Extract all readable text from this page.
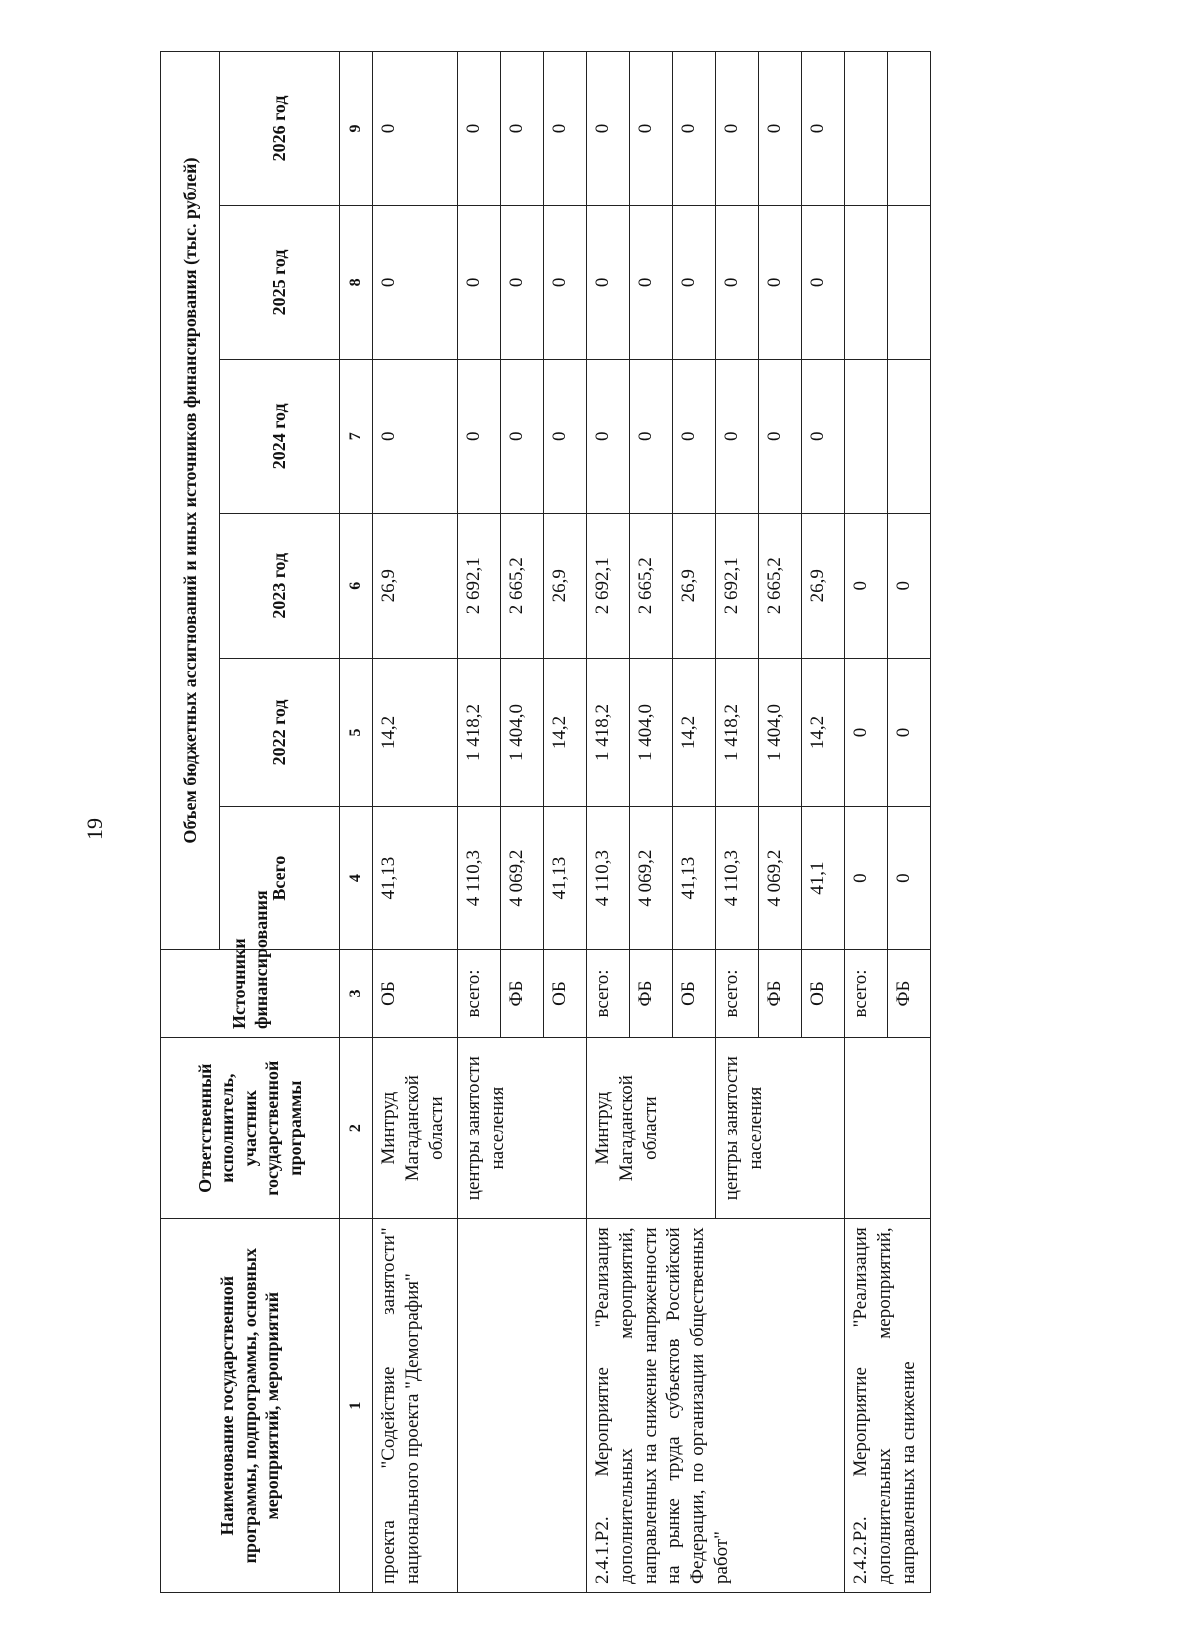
19
Наименование государственной программы, подпрограммы, основных мероприятий, мероприятий	Ответственный исполнитель, участник государственной программы	Источники финансирования	Объем бюджетных ассигнований и иных источников финансирования (тыс. рублей)					
			Всего	2022 год	2023 год	2024 год	2025 год	2026 год
1	2	3	4	5	6	7	8	9
проекта "Содействие занятости" национального проекта "Демография"	Минтруд Магаданской области	ОБ	41,13	14,2	26,9	0	0	0
	центры занятости населения	всего:	4 110,3	1 418,2	2 692,1	0	0	0
		ФБ	4 069,2	1 404,0	2 665,2	0	0	0
		ОБ	41,13	14,2	26,9	0	0	0
2.4.1.Р2. Мероприятие "Реализация дополнительных мероприятий, направленных на снижение напряженности на рынке труда субъектов Российской Федерации, по организации общественных работ"	Минтруд Магаданской области	всего:	4 110,3	1 418,2	2 692,1	0	0	0
		ФБ	4 069,2	1 404,0	2 665,2	0	0	0
		ОБ	41,13	14,2	26,9	0	0	0
	центры занятости населения	всего:	4 110,3	1 418,2	2 692,1	0	0	0
		ФБ	4 069,2	1 404,0	2 665,2	0	0	0
		ОБ	41,1	14,2	26,9	0	0	0
2.4.2.Р2. Мероприятие "Реализация дополнительных мероприятий, направленных на снижение		всего:	0	0	0			
		ФБ	0	0	0			
